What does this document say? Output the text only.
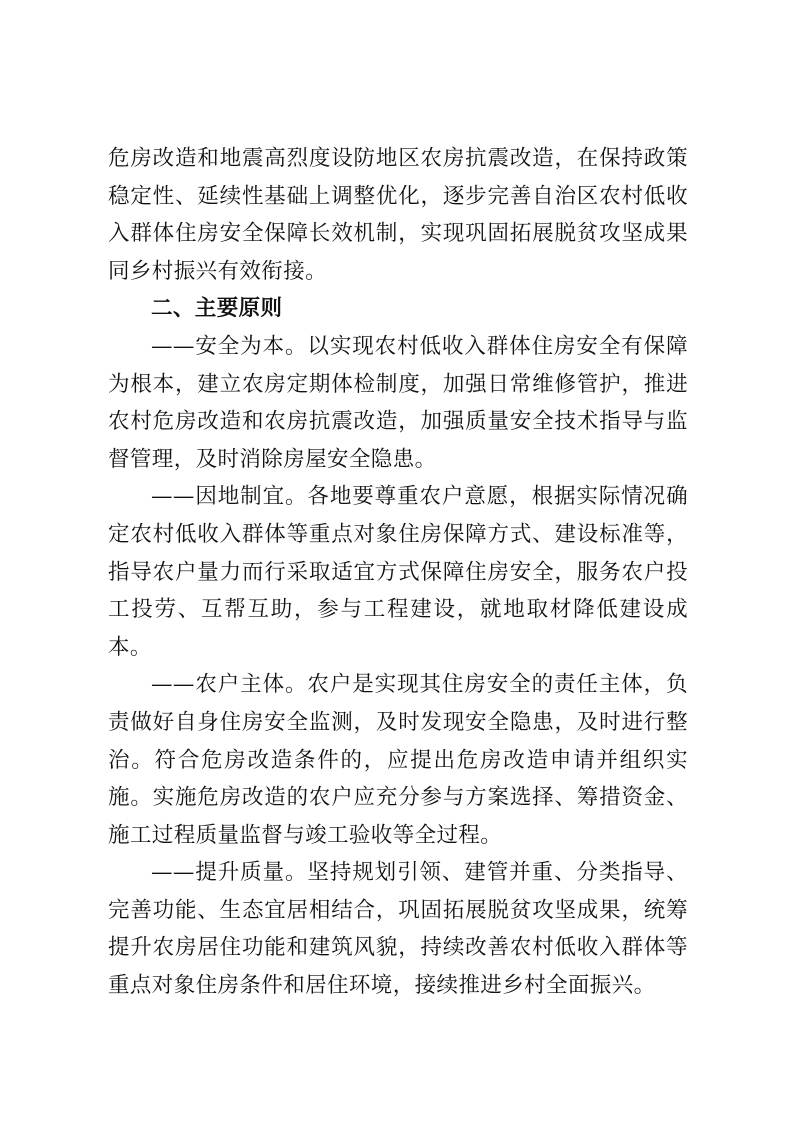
危房改造和地震高烈度设防地区农房抗震改造，在保持政策稳定性、延续性基础上调整优化，逐步完善自治区农村低收入群体住房安全保障长效机制，实现巩固拓展脱贫攻坚成果同乡村振兴有效衔接。

二、主要原则

——安全为本。以实现农村低收入群体住房安全有保障为根本，建立农房定期体检制度，加强日常维修管护，推进农村危房改造和农房抗震改造，加强质量安全技术指导与监督管理，及时消除房屋安全隐患。

——因地制宜。各地要尊重农户意愿，根据实际情况确定农村低收入群体等重点对象住房保障方式、建设标准等，指导农户量力而行采取适宜方式保障住房安全，服务农户投工投劳、互帮互助，参与工程建设，就地取材降低建设成本。

——农户主体。农户是实现其住房安全的责任主体，负责做好自身住房安全监测，及时发现安全隐患，及时进行整治。符合危房改造条件的，应提出危房改造申请并组织实施。实施危房改造的农户应充分参与方案选择、筹措资金、施工过程质量监督与竣工验收等全过程。

——提升质量。坚持规划引领、建管并重、分类指导、完善功能、生态宜居相结合，巩固拓展脱贫攻坚成果，统筹提升农房居住功能和建筑风貌，持续改善农村低收入群体等重点对象住房条件和居住环境，接续推进乡村全面振兴。
